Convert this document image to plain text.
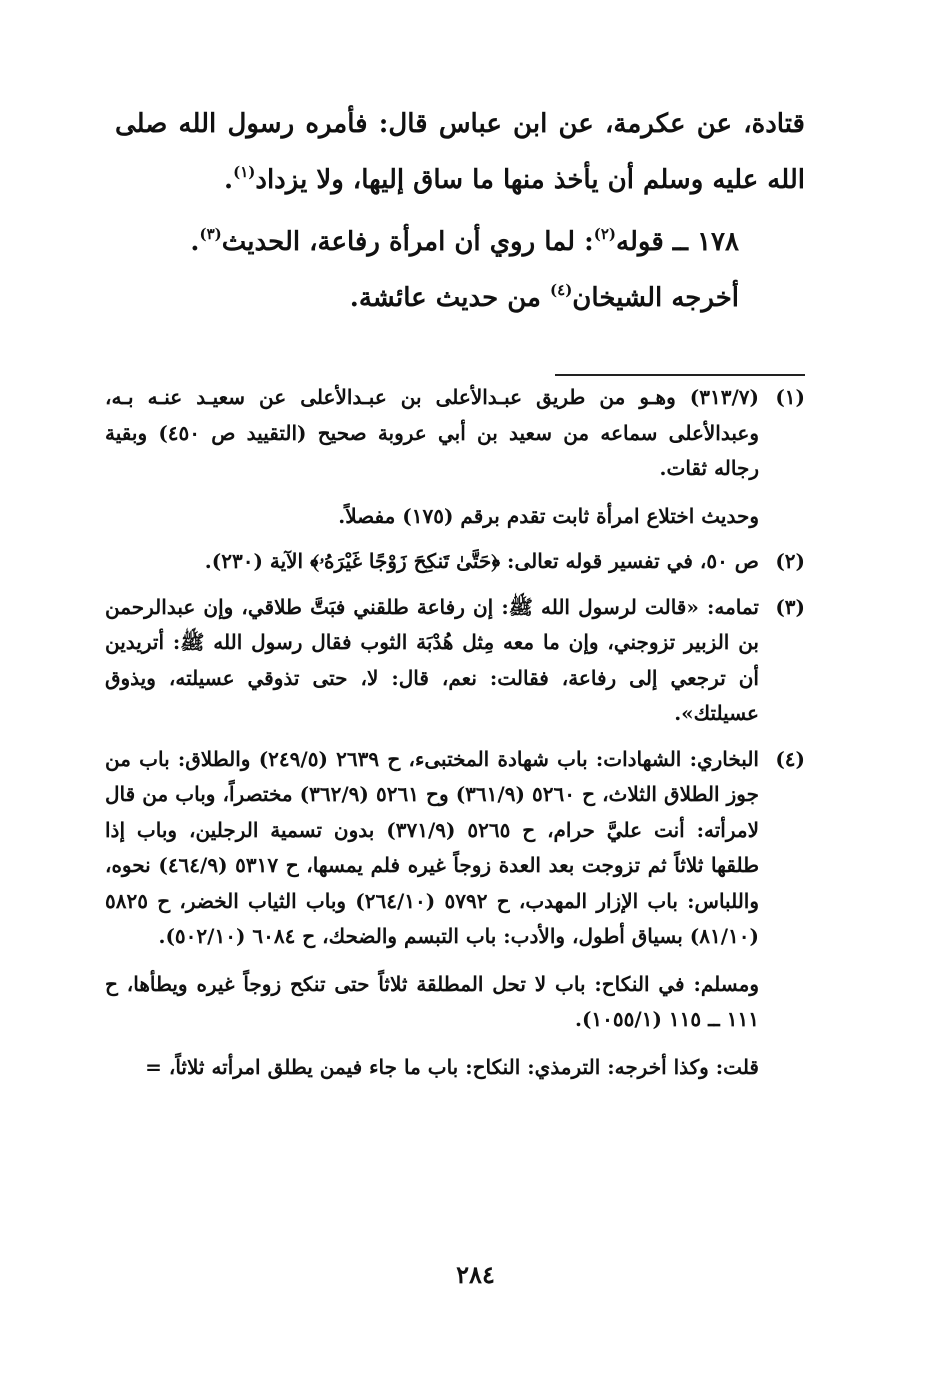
قتادة، عن عكرمة، عن ابن عباس قال: فأمره رسول الله صلى الله عليه وسلم أن يأخذ منها ما ساق إليها، ولا يزداد$^{(١)}$.

١٧٨ ــ قوله$^{(٢)}$: لما روي أن امرأة رفاعة، الحديث$^{(٣)}$.

أخرجه الشيخان$^{(٤)}$ من حديث عائشة.

(١)

(٣١٣/٧) وهـو من طريق عبـدالأعلى بن عبـدالأعلى عن سعيـد عنـه بـه، وعبدالأعلى سماعه من سعيد بن أبي عروبة صحيح (التقييد ص ٤٥٠) وبقية رجاله ثقات.

وحديث اختلاع امرأة ثابت تقدم برقم (١٧٥) مفصلاً.

(٢)

ص ٥٠، في تفسير قوله تعالى: ﴿حَتَّىٰ تَنكِحَ زَوْجًا غَيْرَهُۥ﴾ الآية (٢٣٠).

(٣)

تمامه: «قالت لرسول الله ﷺ: إن رفاعة طلقني فبَتَّ طلاقي، وإن عبدالرحمن بن الزبير تزوجني، وإن ما معه مِثل هُدْبَة الثوب فقال رسول الله ﷺ: أتريدين أن ترجعي إلى رفاعة، فقالت: نعم، قال: لا، حتى تذوقي عسيلته، ويذوق عسيلتك».

(٤)

البخاري: الشهادات: باب شهادة المختبىء، ح ٢٦٣٩ (٢٤٩/٥) والطلاق: باب من جوز الطلاق الثلاث، ح ٥٢٦٠ (٣٦١/٩) وح ٥٢٦١ (٣٦٢/٩) مختصراً، وباب من قال لامرأته: أنت عليَّ حرام، ح ٥٢٦٥ (٣٧١/٩) بدون تسمية الرجلين، وباب إذا طلقها ثلاثاً ثم تزوجت بعد العدة زوجاً غيره فلم يمسها، ح ٥٣١٧ (٤٦٤/٩) نحوه، واللباس: باب الإزار المهدب، ح ٥٧٩٢ (٢٦٤/١٠) وباب الثياب الخضر، ح ٥٨٢٥ (٨١/١٠) بسياق أطول، والأدب: باب التبسم والضحك، ح ٦٠٨٤ (٥٠٢/١٠).

ومسلم: في النكاح: باب لا تحل المطلقة ثلاثاً حتى تنكح زوجاً غيره ويطأها، ح ١١١ ــ ١١٥ (١٠٥٥/١).

قلت: وكذا أخرجه: الترمذي: النكاح: باب ما جاء فيمن يطلق امرأته ثلاثاً، =

٢٨٤
